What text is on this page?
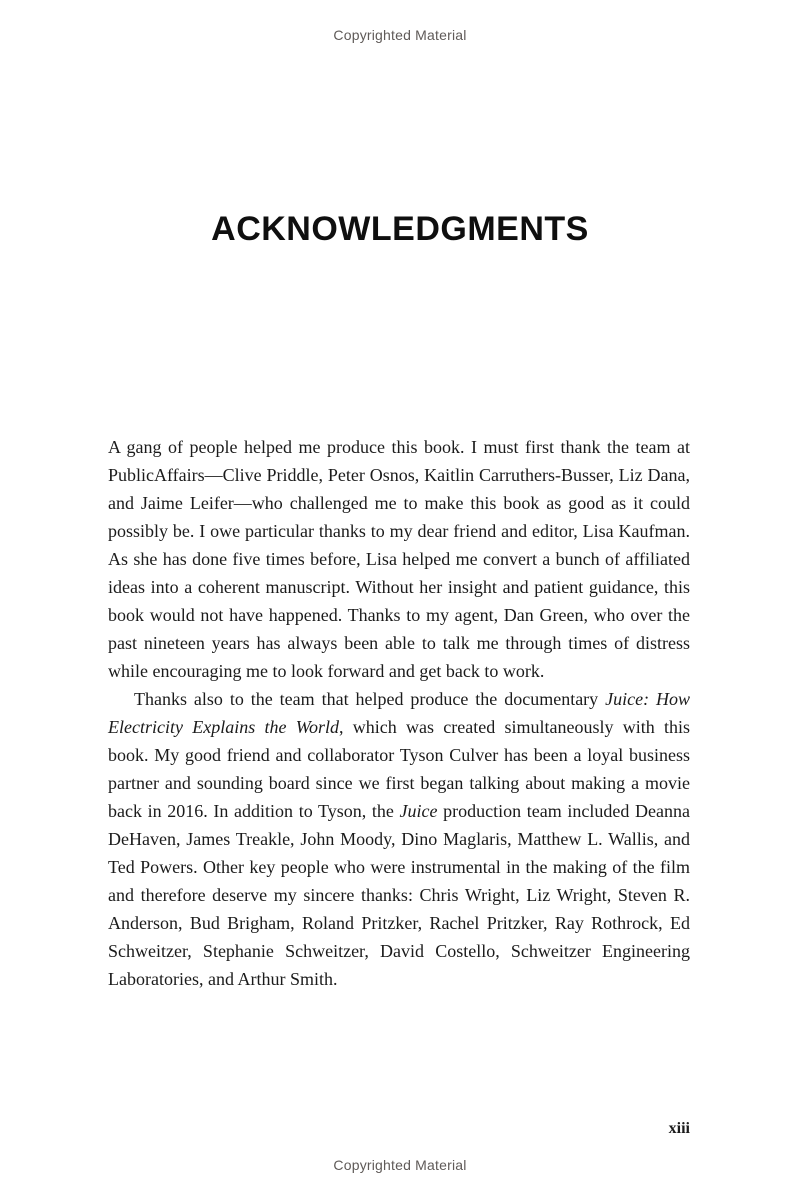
Copyrighted Material
ACKNOWLEDGMENTS

A gang of people helped me produce this book. I must first thank the team at PublicAffairs—Clive Priddle, Peter Osnos, Kaitlin Carruthers-Busser, Liz Dana, and Jaime Leifer—who challenged me to make this book as good as it could possibly be. I owe particular thanks to my dear friend and editor, Lisa Kaufman. As she has done five times before, Lisa helped me convert a bunch of affiliated ideas into a coherent manuscript. Without her insight and patient guidance, this book would not have happened. Thanks to my agent, Dan Green, who over the past nineteen years has always been able to talk me through times of distress while encouraging me to look forward and get back to work.

Thanks also to the team that helped produce the documentary Juice: How Electricity Explains the World, which was created simultaneously with this book. My good friend and collaborator Tyson Culver has been a loyal business partner and sounding board since we first began talking about making a movie back in 2016. In addition to Tyson, the Juice production team included Deanna DeHaven, James Treakle, John Moody, Dino Maglaris, Matthew L. Wallis, and Ted Powers. Other key people who were instrumental in the making of the film and therefore deserve my sincere thanks: Chris Wright, Liz Wright, Steven R. Anderson, Bud Brigham, Roland Pritzker, Rachel Pritzker, Ray Rothrock, Ed Schweitzer, Stephanie Schweitzer, David Costello, Schweitzer Engineering Laboratories, and Arthur Smith.

xiii
Copyrighted Material
